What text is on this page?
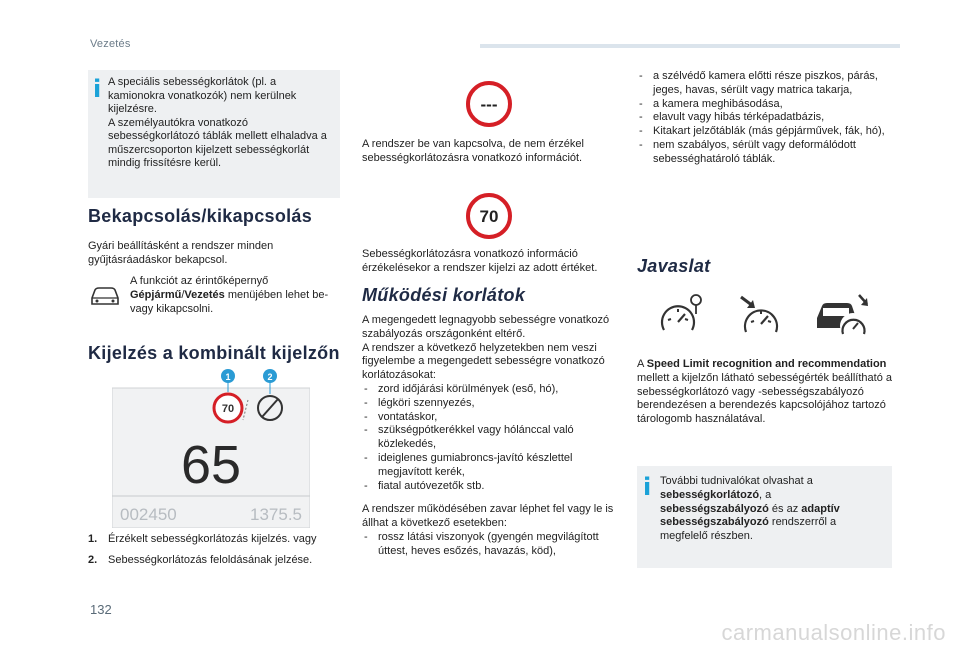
Vezetés
i A speciális sebességkorlátok (pl. a kamionokra vonatkozók) nem kerülnek kijelzésre.
A személyautókra vonatkozó sebességkorlátozó táblák mellett elhaladva a műszercsoporton kijelzett sebességkorlát mindig frissítésre kerül.
Bekapcsolás/kikapcsolás
Gyári beállításként a rendszer minden gyűjtásráadáskor bekapcsol.
A funkciót az érintőképernyő Gépjármű/Vezetés menüjében lehet be- vagy kikapcsolni.
Kijelzés a kombinált kijelzőn
70
1	2
65
002450	1375.5
1. Érzékelt sebességkorlátozás kijelzés. vagy
2. Sebességkorlátozás feloldásának jelzése.
---
A rendszer be van kapcsolva, de nem érzékel sebességkorlátozásra vonatkozó információt.
70
Sebességkorlátozásra vonatkozó információ érzékelésekor a rendszer kijelzi az adott értéket.
Működési korlátok
A megengedett legnagyobb sebességre vonatkozó szabályozás országonként eltérő.
A rendszer a következő helyzetekben nem veszi figyelembe a megengedett sebességre vonatkozó korlátozásokat:
- zord időjárási körülmények (eső, hó),
- légköri szennyezés,
- vontatáskor,
- szükségpótkerékkel vagy hólánccal való közlekedés,
- ideiglenes gumiabroncs-javító készlettel megjavított kerék,
- fiatal autóvezetők stb.
A rendszer működésében zavar léphet fel vagy le is állhat a következő esetekben:
- rossz látási viszonyok (gyengén megvilágított úttest, heves esőzés, havazás, köd),
- a szélvédő kamera előtti része piszkos, párás, jeges, havas, sérült vagy matrica takarja,
- a kamera meghibásodása,
- elavult vagy hibás térképadatbázis,
- Kitakart jelzőtáblák (más gépjárművek, fák, hó),
- nem szabályos, sérült vagy deformálódott sebességhatároló táblák.
Javaslat
A Speed Limit recognition and recommendation mellett a kijelzőn látható sebességérték beállítható a sebességkorlátozó vagy -sebességszabályozó berendezésen a berendezés kapcsolójához tartozó tárologomb használatával.
i További tudnivalókat olvashat a sebességkorlátozó, a sebességszabályozó és az adaptív sebességszabályozó rendszerről a megfelelő részben.
132
carmanualsonline.info
